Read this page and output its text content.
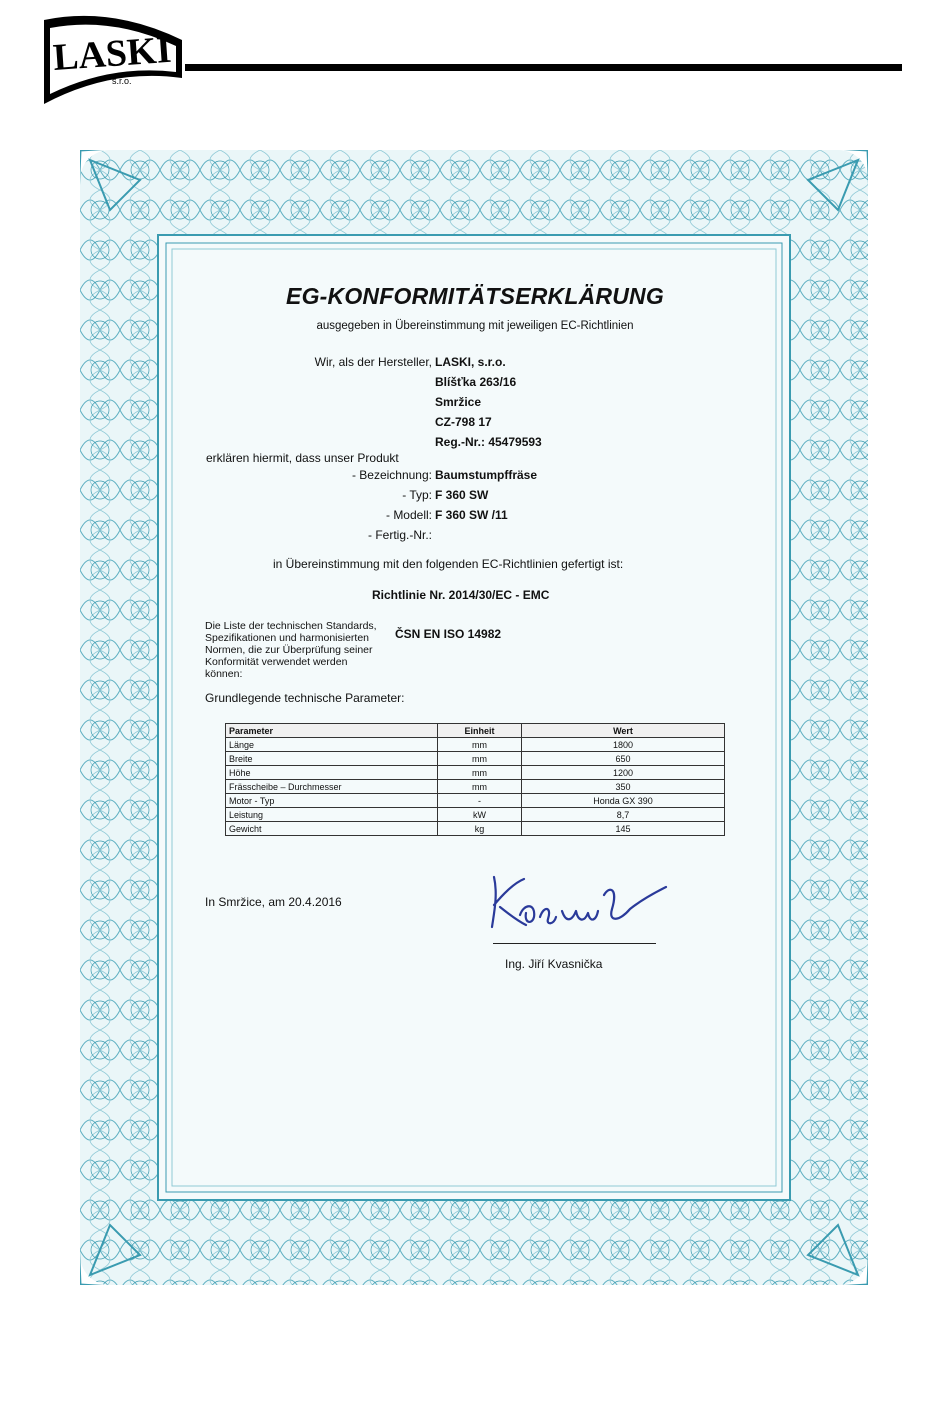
LASKI
s.r.o.
EG-KONFORMITÄTSERKLÄRUNG
ausgegeben in Übereinstimmung mit jeweiligen EC-Richtlinien
Wir, als der Hersteller, LASKI, s.r.o.
Blíšťka 263/16
Smržice
CZ-798 17
Reg.-Nr.: 45479593
erklären hiermit, dass unser Produkt
- Bezeichnung: Baumstumpffräse
- Typ: F 360 SW
- Modell: F 360 SW /11
- Fertig.-Nr.:
in Übereinstimmung mit den folgenden EC-Richtlinien gefertigt ist:
Richtlinie Nr. 2014/30/EC - EMC
Die Liste der technischen Standards, Spezifikationen und harmonisierten Normen, die zur Überprüfung seiner Konformität verwendet werden können:
ČSN EN ISO 14982
Grundlegende technische Parameter:
Parameter	Einheit	Wert
Länge	mm	1800
Breite	mm	650
Höhe	mm	1200
Frässcheibe – Durchmesser	mm	350
Motor - Typ	-	Honda GX 390
Leistung	kW	8,7
Gewicht	kg	145
In Smržice, am 20.4.2016
Ing. Jiří Kvasnička
